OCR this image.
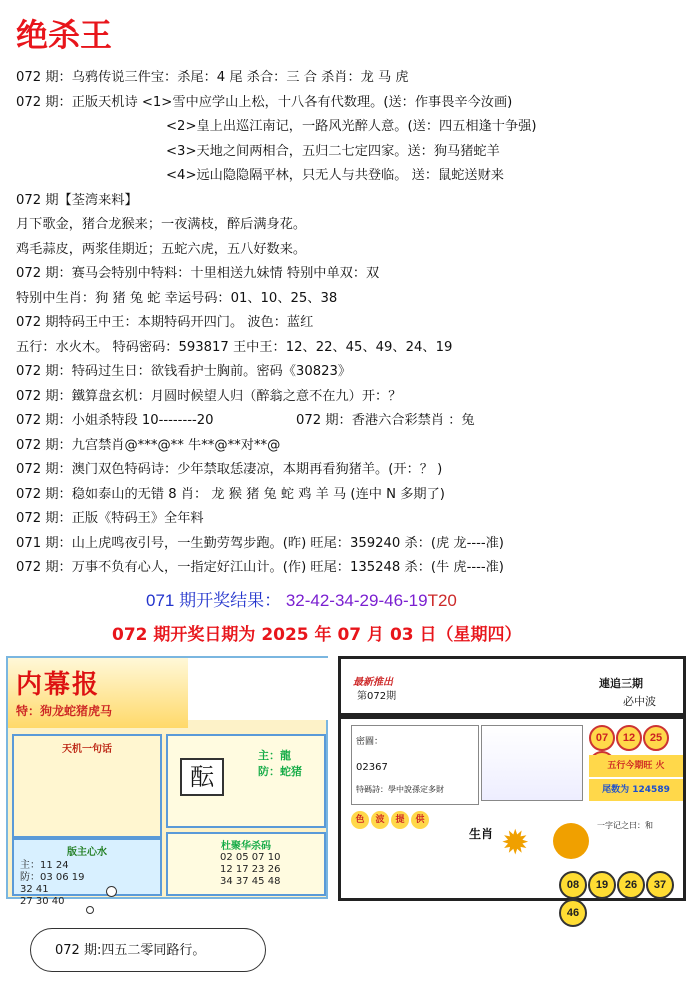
绝杀王
072 期：乌鸦传说三件宝：杀尾：4 尾 杀合：三 合 杀肖：龙 马 虎
072 期：正版天机诗 <1>雪中应学山上松，十八各有代数理。(送：作事畏辛今汝画)
<2>皇上出巡江南记，一路风光醉人意。(送：四五相逢十争强)
<3>天地之间两相合，五归二七定四家。送：狗马猪蛇羊
<4>远山隐隐隔平林，只无人与共登临。 送：鼠蛇送财来
072 期【荃湾来料】
月下歌金，猪合龙猴来；一夜满枝，醉后满身花。
鸡毛蒜皮，两浆佳期近；五蛇六虎，五八好数来。
072 期：赛马会特别中特料：十里相送九妹情 特别中单双：双
特别中生肖：狗 猪 兔 蛇 幸运号码：01、10、25、38
072 期特码王中王：本期特码开四门。 波色：蓝红
五行：水火木。 特码密码：593817 王中王：12、22、45、49、24、19
072 期：特码过生日：欲钱看护士胸前。密码《30823》
072 期：鐵算盘玄机：月圆时候望人归（醉翁之意不在九）开：？
072 期：小姐杀特段 10--------20	072 期：香港六合彩禁肖 ：兔
072 期：九宫禁肖@***@** 牛**@**对**@
072 期：澳门双色特码诗：少年禁取恁凄凉，本期再看狗猪羊。(开：？ )
072 期：稳如泰山的无错 8 肖： 龙 猴 猪 兔 蛇 鸡 羊 马 (连中 N 多期了)
072 期：正版《特码王》全年料
071 期：山上虎鸣夜引号，一生勤劳驾步跑。(昨) 旺尾：359240 杀：(虎 龙----准)
072 期：万事不负有心人，一指定好江山计。(作) 旺尾：135248 杀：(牛 虎----准)
071 期开奖结果： 32-42-34-29-46-19T20
072 期开奖日期为 2025 年 07 月 03 日（星期四）
内幕报
特：狗龙蛇猪虎马
天机一句话
版主心水
主：11 24
防：03 06 19
32 41
27 30 40
酝
主：龍
防：蛇猪
杜聚华杀码
02 05 07 10
12 17 23 26
34 37 45 48
最新推出
第072期
連追三期
必中波
07 12 25
五行今期旺 火
尾数为 124589
密圖：
02367
特碼詩：學中說孫定多財
色 波 提 供
生肖 ✹	一字记之曰：和
08 19 26 3746
072 期:四五二零同路行。
